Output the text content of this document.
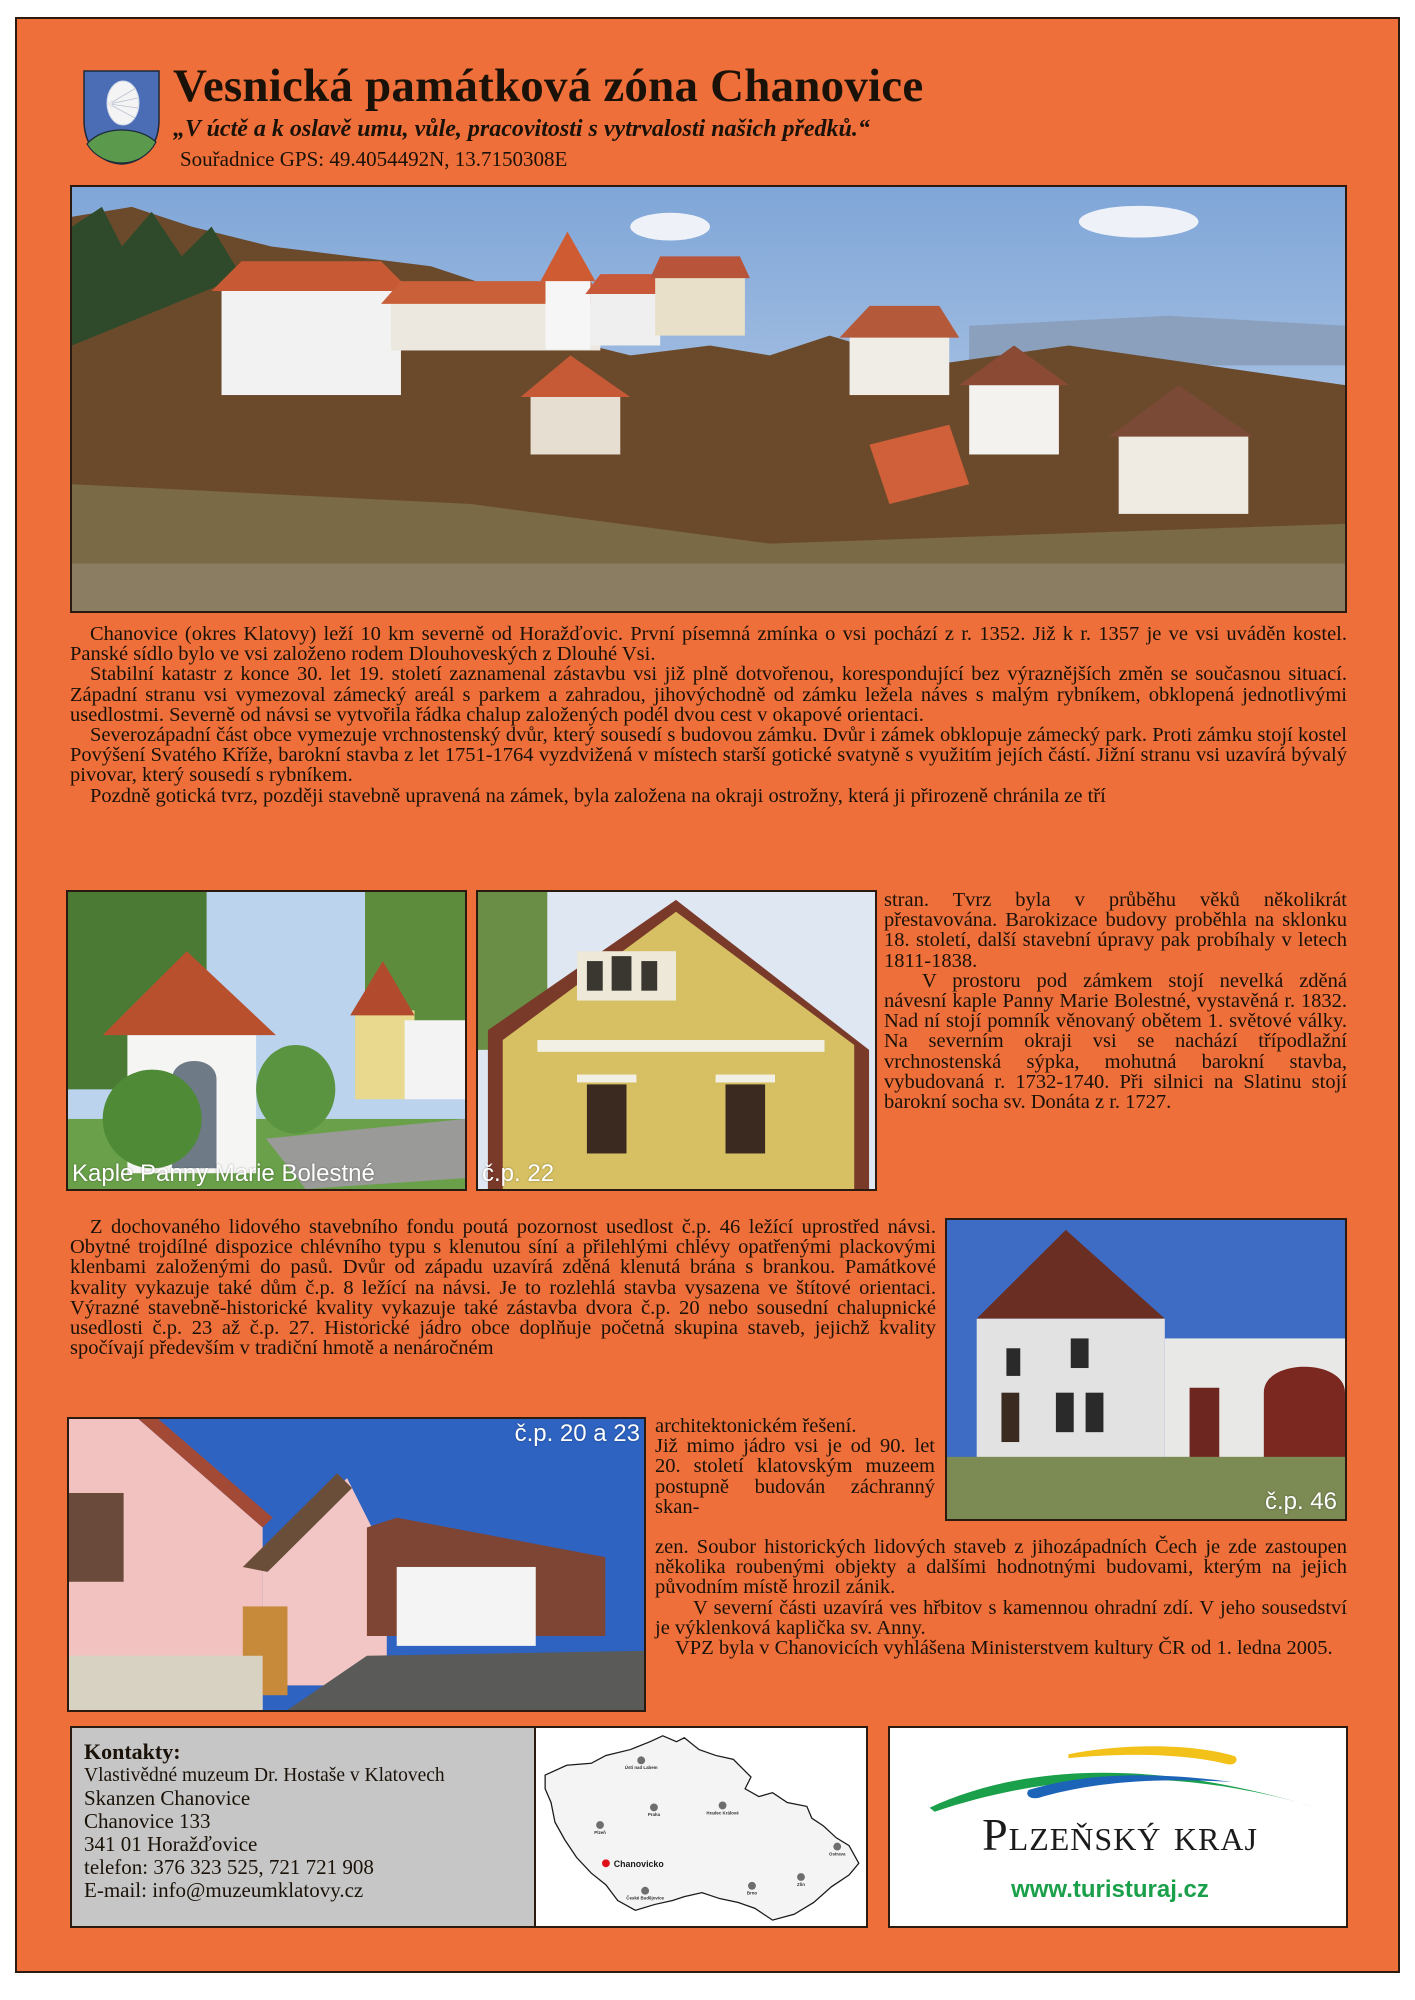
Vesnická památková zóna Chanovice
„V úctě a k oslavě umu, vůle, pracovitosti s vytrvalosti našich předků.“
Souřadnice GPS: 49.4054492N, 13.7150308E

Chanovice (okres Klatovy) leží 10 km severně od Horažďovic. První písemná zmínka o vsi pochází z r. 1352. Již k r. 1357 je ve vsi uváděn kostel. Panské sídlo bylo ve vsi založeno rodem Dlouhoveských z Dlouhé Vsi.

Stabilní katastr z konce 30. let 19. století zaznamenal zástavbu vsi již plně dotvořenou, korespondující bez výraznějších změn se současnou situací. Západní stranu vsi vymezoval zámecký areál s parkem a zahradou, jihovýchodně od zámku ležela náves s malým rybníkem, obklopená jednotlivými usedlostmi. Severně od návsi se vytvořila řádka chalup založených podél dvou cest v okapové orientaci.

Severozápadní část obce vymezuje vrchnostenský dvůr, který sousedí s budovou zámku. Dvůr i zámek obklopuje zámecký park. Proti zámku stojí kostel Povýšení Svatého Kříže, barokní stavba z let 1751-1764 vyzdvižená v místech starší gotické svatyně s využitím jejích částí. Jižní stranu vsi uzavírá bývalý pivovar, který sousedí s rybníkem.

Pozdně gotická tvrz, později stavebně upravená na zámek, byla založena na okraji ostrožny, která ji přirozeně chránila ze tří

Kaple Panny Marie Bolestné	č.p. 22

stran. Tvrz byla v průběhu věků několikrát přestavována. Barokizace budovy proběhla na sklonku 18. století, další stavební úpravy pak probíhaly v letech 1811-1838.

V prostoru pod zámkem stojí nevelká zděná návesní kaple Panny Marie Bolestné, vystavěná r. 1832. Nad ní stojí pomník věnovaný obětem 1. světové války. Na severním okraji vsi se nachází třípodlažní vrchnostenská sýpka, mohutná barokní stavba, vybudovaná r. 1732-1740. Při silnici na Slatinu stojí barokní socha sv. Donáta z r. 1727.

Z dochovaného lidového stavebního fondu poutá pozornost usedlost č.p. 46 ležící uprostřed návsi. Obytné trojdílné dispozice chlévního typu s klenutou síní a přilehlými chlévy opatřenými plackovými klenbami založenými do pasů. Dvůr od západu uzavírá zděná klenutá brána s brankou. Památkové kvality vykazuje také dům č.p. 8 ležící na návsi. Je to rozlehlá stavba vysazena ve štítové orientaci. Výrazné stavebně-historické kvality vykazuje také zástavba dvora č.p. 20 nebo sousední chalupnické usedlosti č.p. 23 až č.p. 27. Historické jádro obce doplňuje početná skupina staveb, jejichž kvality spočívají především v tradiční hmotě a nenáročném

č.p. 46
č.p. 20 a 23 architektonickém řešení.

Již mimo jádro vsi je od 90. let 20. století klatovským muzeem postupně budován záchranný skan-

zen. Soubor historických lidových staveb z jihozápadních Čech je zde zastoupen několika roubenými objekty a dalšími hodnotnými budovami, kterým na jejich původním místě hrozil zánik.

V severní části uzavírá ves hřbitov s kamennou ohradní zdí. V jeho sousedství je výklenková kaplička sv. Anny.

VPZ byla v Chanovicích vyhlášena Ministerstvem kultury ČR od 1. ledna 2005.

Kontakty:
Vlastivědné muzeum Dr. Hostaše v Klatovech
Skanzen Chanovice
Chanovice 133
341 01 Horažďovice
telefon: 376 323 525, 721 721 908
E-mail: info@muzeumklatovy.cz
Ústí nad Labem
Praha	Hradec Králové
Plzeň
České Budějovice
Brno
Zlín
Ostrava
Chanovicko
Plzeňský kraj
www.turisturaj.cz
